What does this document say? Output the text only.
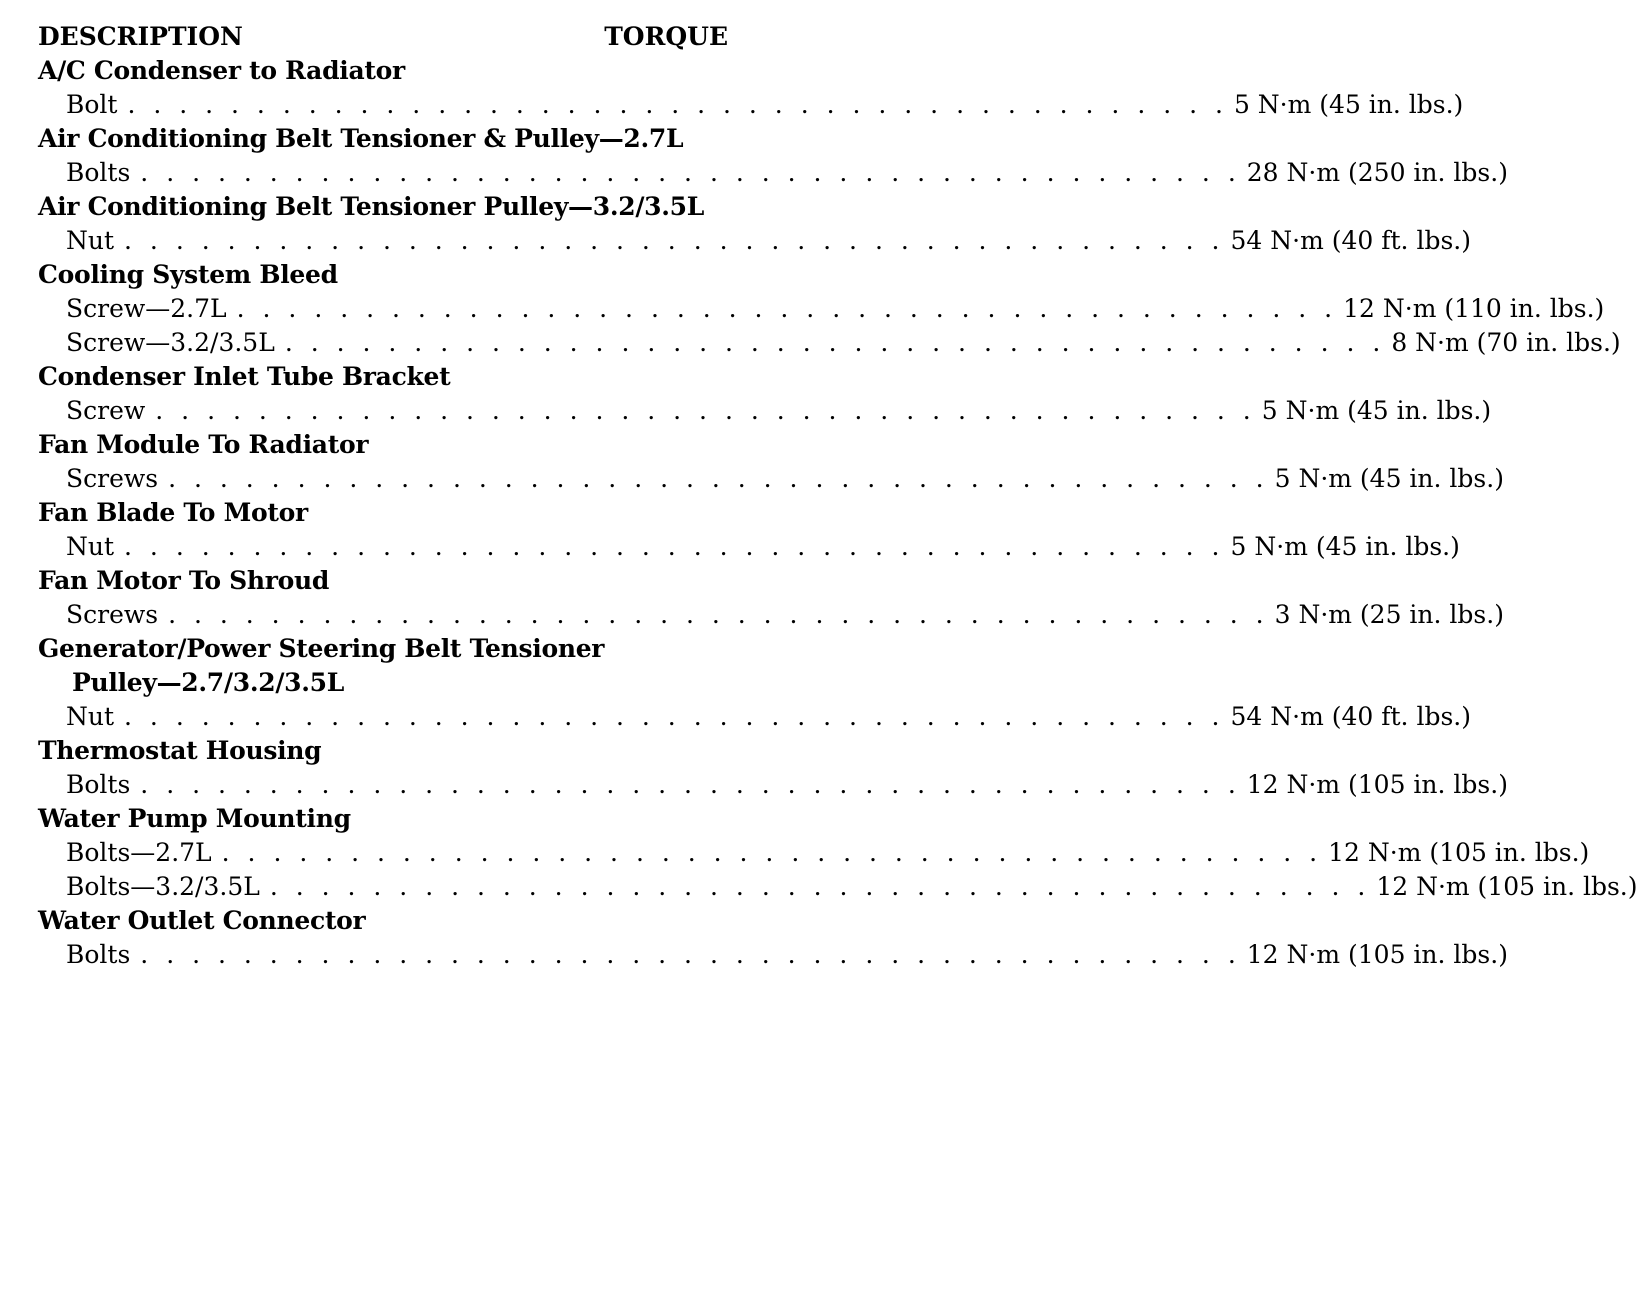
DESCRIPTION	TORQUE
A/C Condenser to Radiator
Bolt . . . . . . . . . . . . . . . . . . . . . . . . . . . . . . . . . . . . . . . . . . . 5 N·m (45 in. lbs.)
Air Conditioning Belt Tensioner & Pulley—2.7L
Bolts . . . . . . . . . . . . . . . . . . . . . . . . . . . . . . . . . . . . . . . . . . . 28 N·m (250 in. lbs.)
Air Conditioning Belt Tensioner Pulley—3.2/3.5L
Nut . . . . . . . . . . . . . . . . . . . . . . . . . . . . . . . . . . . . . . . . . . . 54 N·m (40 ft. lbs.)
Cooling System Bleed
Screw—2.7L . . . . . . . . . . . . . . . . . . . . . . . . . . . . . . . . . . . . . . . . . . . 12 N·m (110 in. lbs.)
Screw—3.2/3.5L . . . . . . . . . . . . . . . . . . . . . . . . . . . . . . . . . . . . . . . . . . . 8 N·m (70 in. lbs.)
Condenser Inlet Tube Bracket
Screw . . . . . . . . . . . . . . . . . . . . . . . . . . . . . . . . . . . . . . . . . . . 5 N·m (45 in. lbs.)
Fan Module To Radiator
Screws . . . . . . . . . . . . . . . . . . . . . . . . . . . . . . . . . . . . . . . . . . . 5 N·m (45 in. lbs.)
Fan Blade To Motor
Nut . . . . . . . . . . . . . . . . . . . . . . . . . . . . . . . . . . . . . . . . . . . 5 N·m (45 in. lbs.)
Fan Motor To Shroud
Screws . . . . . . . . . . . . . . . . . . . . . . . . . . . . . . . . . . . . . . . . . . . 3 N·m (25 in. lbs.)
Generator/Power Steering Belt Tensioner
Pulley—2.7/3.2/3.5L
Nut . . . . . . . . . . . . . . . . . . . . . . . . . . . . . . . . . . . . . . . . . . . 54 N·m (40 ft. lbs.)
Thermostat Housing
Bolts . . . . . . . . . . . . . . . . . . . . . . . . . . . . . . . . . . . . . . . . . . . 12 N·m (105 in. lbs.)
Water Pump Mounting
Bolts—2.7L . . . . . . . . . . . . . . . . . . . . . . . . . . . . . . . . . . . . . . . . . . . 12 N·m (105 in. lbs.)
Bolts—3.2/3.5L . . . . . . . . . . . . . . . . . . . . . . . . . . . . . . . . . . . . . . . . . . . 12 N·m (105 in. lbs.)
Water Outlet Connector
Bolts . . . . . . . . . . . . . . . . . . . . . . . . . . . . . . . . . . . . . . . . . . . 12 N·m (105 in. lbs.)
